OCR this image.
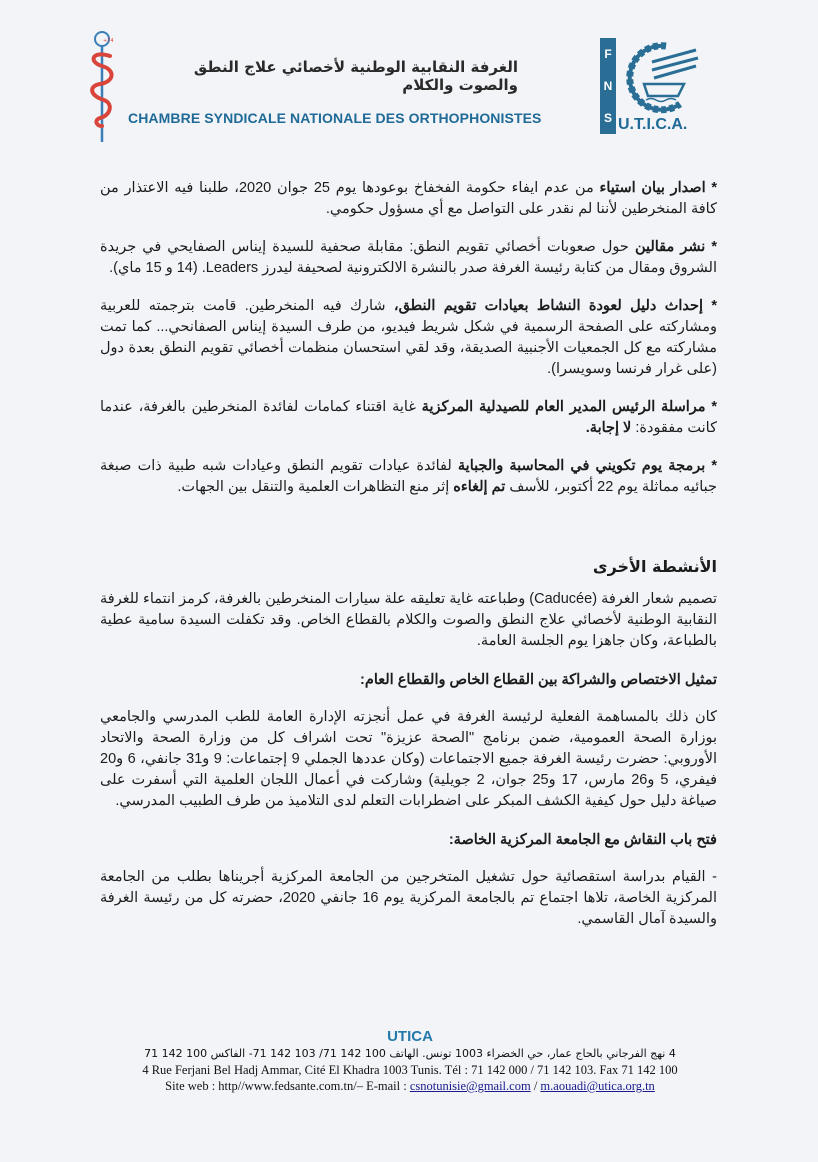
+74
الغرفة النقابية الوطنية لأخصائي علاج النطق والصوت والكلام
CHAMBRE SYNDICALE NATIONALE DES ORTHOPHONISTES
F
N
S U.T.I.C.A.

* اصدار بيان استياء من عدم ايفاء حكومة الفخفاخ بوعودها يوم 25 جوان 2020، طلبنا فيه الاعتذار من كافة المنخرطين لأننا لم نقدر على التواصل مع أي مسؤول حكومي.

* نشر مقالين حول صعوبات أخصائي تقويم النطق: مقابلة صحفية للسيدة إيناس الصفايحي في جريدة الشروق ومقال من كتابة رئيسة الغرفة صدر بالنشرة الالكترونية لصحيفة ليدرز Leaders. (14 و 15 ماي).

* إحداث دليل لعودة النشاط بعيادات تقويم النطق، شارك فيه المنخرطين. قامت بترجمته للعربية ومشاركته على الصفحة الرسمية في شكل شريط فيديو، من طرف السيدة إيناس الصفانحي... كما تمت مشاركته مع كل الجمعيات الأجنبية الصديقة، وقد لقي استحسان منظمات أخصائي تقويم النطق بعدة دول (على غرار فرنسا وسويسرا).

* مراسلة الرئيس المدير العام للصيدلية المركزية غاية اقتناء كمامات لفائدة المنخرطين بالغرفة، عندما كانت مفقودة: لا إجابة.

* برمجة يوم تكويني في المحاسبة والجباية لفائدة عيادات تقويم النطق وعيادات شبه طبية ذات صبغة جبائيه مماثلة يوم 22 أكتوبر، للأسف تم إلغاءه إثر منع التظاهرات العلمية والتنقل بين الجهات.

الأنشطة الأخرى

تصميم شعار الغرفة (Caducée) وطباعته غاية تعليقه علة سيارات المنخرطين بالغرفة، كرمز انتماء للغرفة النقابية الوطنية لأخصائي علاج النطق والصوت والكلام بالقطاع الخاص. وقد تكفلت السيدة سامية عطية بالطباعة، وكان جاهزا يوم الجلسة العامة.

تمثيل الاختصاص والشراكة بين القطاع الخاص والقطاع العام:

كان ذلك بالمساهمة الفعلية لرئيسة الغرفة في عمل أنجزته الإدارة العامة للطب المدرسي والجامعي بوزارة الصحة العمومية، ضمن برنامج "الصحة عزيزة" تحت اشراف كل من وزارة الصحة والاتحاد الأوروبي: حضرت رئيسة الغرفة جميع الاجتماعات (وكان عددها الجملي 9 إجتماعات: 9 و31 جانفي، 6 و20 فيفري، 5 و26 مارس، 17 و25 جوان، 2 جويلية) وشاركت في أعمال اللجان العلمية التي أسفرت على صياغة دليل حول كيفية الكشف المبكر على اضطرابات التعلم لدى التلاميذ من طرف الطبيب المدرسي.

فتح باب النقاش مع الجامعة المركزية الخاصة:

- القيام بدراسة استقصائية حول تشغيل المتخرجين من الجامعة المركزية أجريناها بطلب من الجامعة المركزية الخاصة، تلاها اجتماع تم بالجامعة المركزية يوم 16 جانفي 2020، حضرته كل من رئيسة الغرفة والسيدة آمال القاسمي.

UTICA
4 نهج الفرجاني بالحاج عمار، حي الخضراء 1003 تونس. الهاتف 100 142 71/ 103 142 71- الفاكس 100 142 71
4 Rue Ferjani Bel Hadj Ammar, Cité El Khadra 1003 Tunis. Tél : 71 142 000 / 71 142 103. Fax 71 142 100
Site web : http//www.fedsante.com.tn/– E-mail : csnotunisie@gmail.com / m.aouadi@utica.org.tn
